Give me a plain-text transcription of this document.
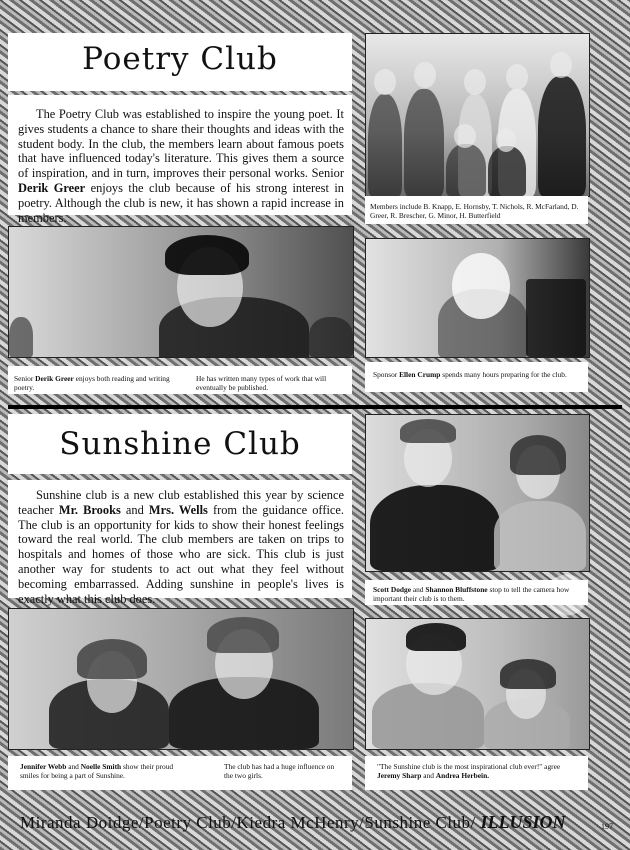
Poetry Club
The Poetry Club was established to inspire the young poet. It gives students a chance to share their thoughts and ideas with the student body. In the club, the members learn about famous poets that have influenced today's literature. This gives them a source of inspiration, and in turn, improves their personal works. Senior Derik Greer enjoys the club because of his strong interest in poetry. Although the club is new, it has shown a rapid increase in members.
Members include B. Knapp, E. Hornsby, T. Nichols, R. McFarland, D. Greer, R. Brescher, G. Minor, H. Butterfield
Senior Derik Greer enjoys both reading and writing poetry.
He has written many types of work that will eventually be published.
Sponsor Ellen Crump spends many hours preparing for the club.
Sunshine Club
Sunshine club is a new club established this year by science teacher Mr. Brooks and Mrs. Wells from the guidance office. The club is an opportunity for kids to show their honest feelings toward the real world. The club members are taken on trips to hospitals and homes of those who are sick. This club is just another way for students to act out what they feel without becoming embarrassed. Adding sunshine in people's lives is exactly what this club does.
Scott Dodge and Shannon Bluffstone stop to tell the camera how important their club is to them.
Jennifer Webb and Noelle Smith show their proud smiles for being a part of Sunshine.
The club has had a huge influence on the two girls.
"The Sunshine club is the most inspirational club ever!" agree Jeremy Sharp and Andrea Herbein.
Miranda Doidge/Poetry Club/Kiedra McHenry/Sunshine Club/ ILLUSION	197
